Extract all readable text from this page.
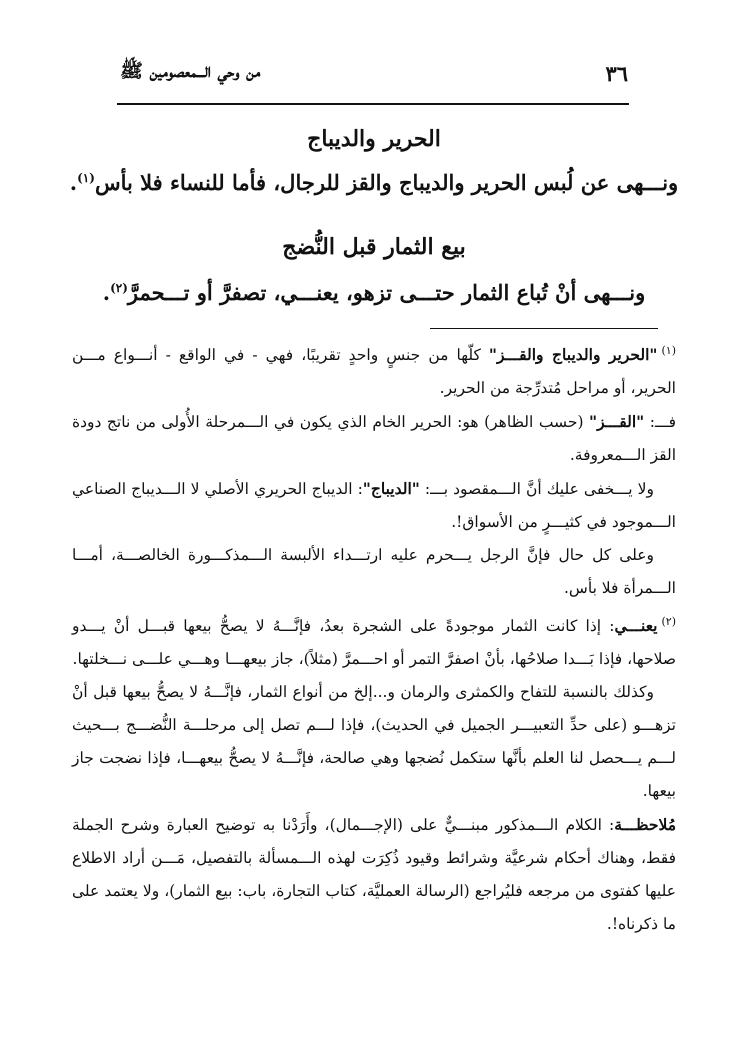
٣٦
من وحي الـــمعصومين ﷺ
الحرير والديباج
ونـــهى عن لُبس الحرير والديباج والقز للرجال، فأما للنساء فلا بأس$^{(١)}$.
بيع الثمار قبل النُّضج
ونـــهى أنْ تُباع الثمار حتـــى تزهو، يعنـــي، تصفرَّ أو تـــحمرَّ$^{(٢)}$.

$^{(١)}$"الحرير والديباج والقـــز" كلّها من جنسٍ واحدٍ تقريبًا، فهي - في الواقع - أنـــواع مـــن الحرير، أو مراحل مُتدرِّجة من الحرير.

فـــ: "القـــز" (حسب الظاهر) هو: الحرير الخام الذي يكون في الـــمرحلة الأُولى من ناتج دودة القز الـــمعروفة.

ولا يـــخفى عليك أنَّ الـــمقصود بـــ: "الديباج": الديباج الحريري الأصلي لا الـــديباج الصناعي الـــموجود في كثيـــرٍ من الأسواق!.

وعلى كل حال فإنَّ الرجل يـــحرم عليه ارتـــداء الألبسة الـــمذكـــورة الخالصـــة، أمـــا الـــمرأة فلا بأس.

$^{(٢)}$يعنـــي: إذا كانت الثمار موجودةً على الشجرة بعدُ، فإنَّـــهُ لا يصحُّ بيعها قبـــل أنْ يـــدو صلاحها، فإذا بَـــدا صلاحُها، بأنْ اصفرَّ التمر أو احـــمرَّ (مثلاً)، جاز بيعهـــا وهـــي علـــى نـــخلتها.

وكذلك بالنسبة للتفاح والكمثرى والرمان و...إلخ من أنواع الثمار، فإنَّـــهُ لا يصحُّ بيعها قبل أنْ تزهـــو (على حدِّ التعبيـــر الجميل في الحديث)، فإذا لـــم تصل إلى مرحلـــة النُّضـــج بـــحيث لـــم يـــحصل لنا العلم بأنَّها ستكمل نُضجها وهي صالحة، فإنَّـــهُ لا يصحُّ بيعهـــا، فإذا نضجت جاز بيعها.

مُلاحظـــة: الكلام الـــمذكور مبنـــيٌّ على (الإجـــمال)، وأَرَدْنا به توضيح العبارة وشرح الجملة فقط، وهناك أحكام شرعيَّة وشرائط وقيود ذُكِرَت لهذه الـــمسألة بالتفصيل، مَـــن أراد الاطلاع عليها كفتوى من مرجعه فليُراجع (الرسالة العمليَّة، كتاب التجارة، باب: بيع الثمار)، ولا يعتمد على ما ذكرناه!.
